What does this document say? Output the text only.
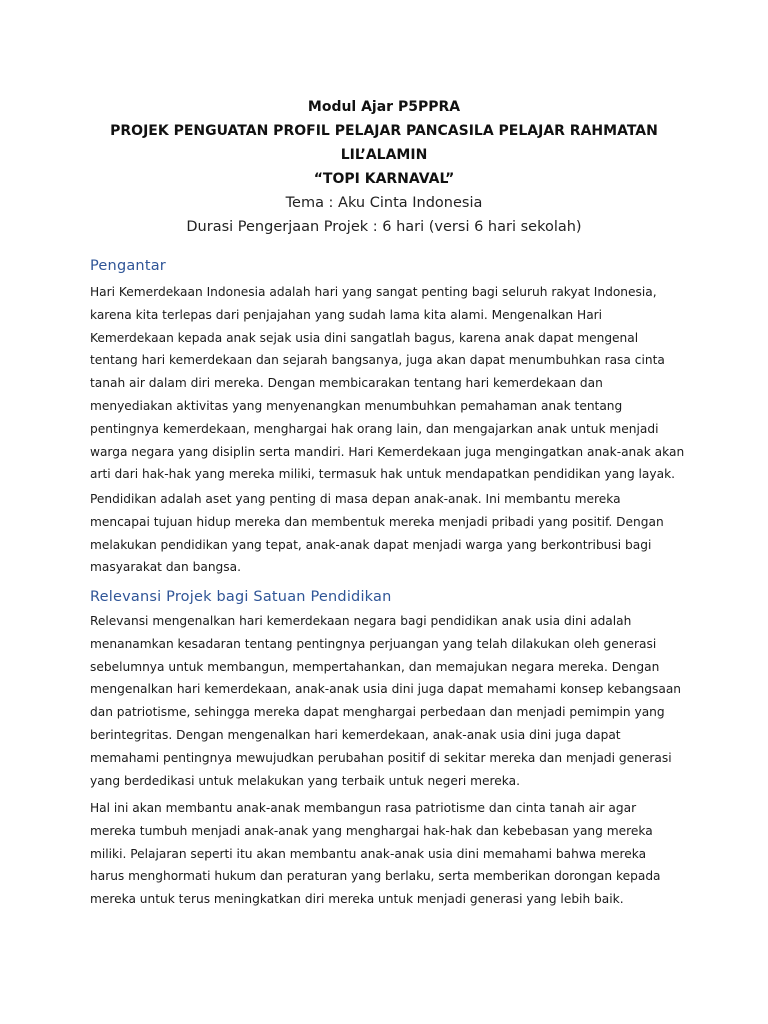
Modul Ajar P5PPRA
PROJEK PENGUATAN PROFIL PELAJAR PANCASILA PELAJAR RAHMATAN
LIL’ALAMIN
“TOPI KARNAVAL”
Tema : Aku Cinta Indonesia
Durasi Pengerjaan Projek : 6 hari (versi 6 hari sekolah)
Pengantar
Hari Kemerdekaan Indonesia adalah hari yang sangat penting bagi seluruh rakyat Indonesia,
karena kita terlepas dari penjajahan yang sudah lama kita alami. Mengenalkan Hari
Kemerdekaan kepada anak sejak usia dini sangatlah bagus, karena anak dapat mengenal
tentang hari kemerdekaan dan sejarah bangsanya, juga akan dapat menumbuhkan rasa cinta
tanah air dalam diri mereka. Dengan membicarakan tentang hari kemerdekaan dan
menyediakan aktivitas yang menyenangkan menumbuhkan pemahaman anak tentang
pentingnya kemerdekaan, menghargai hak orang lain, dan mengajarkan anak untuk menjadi
warga negara yang disiplin serta mandiri. Hari Kemerdekaan juga mengingatkan anak-anak akan
arti dari hak-hak yang mereka miliki, termasuk hak untuk mendapatkan pendidikan yang layak.
Pendidikan adalah aset yang penting di masa depan anak-anak. Ini membantu mereka
mencapai tujuan hidup mereka dan membentuk mereka menjadi pribadi yang positif. Dengan
melakukan pendidikan yang tepat, anak-anak dapat menjadi warga yang berkontribusi bagi
masyarakat dan bangsa.
Relevansi Projek bagi Satuan Pendidikan
Relevansi mengenalkan hari kemerdekaan negara bagi pendidikan anak usia dini adalah
menanamkan kesadaran tentang pentingnya perjuangan yang telah dilakukan oleh generasi
sebelumnya untuk membangun, mempertahankan, dan memajukan negara mereka. Dengan
mengenalkan hari kemerdekaan, anak-anak usia dini juga dapat memahami konsep kebangsaan
dan patriotisme, sehingga mereka dapat menghargai perbedaan dan menjadi pemimpin yang
berintegritas. Dengan mengenalkan hari kemerdekaan, anak-anak usia dini juga dapat
memahami pentingnya mewujudkan perubahan positif di sekitar mereka dan menjadi generasi
yang berdedikasi untuk melakukan yang terbaik untuk negeri mereka.
Hal ini akan membantu anak-anak membangun rasa patriotisme dan cinta tanah air agar
mereka tumbuh menjadi anak-anak yang menghargai hak-hak dan kebebasan yang mereka
miliki. Pelajaran seperti itu akan membantu anak-anak usia dini memahami bahwa mereka
harus menghormati hukum dan peraturan yang berlaku, serta memberikan dorongan kepada
mereka untuk terus meningkatkan diri mereka untuk menjadi generasi yang lebih baik.
